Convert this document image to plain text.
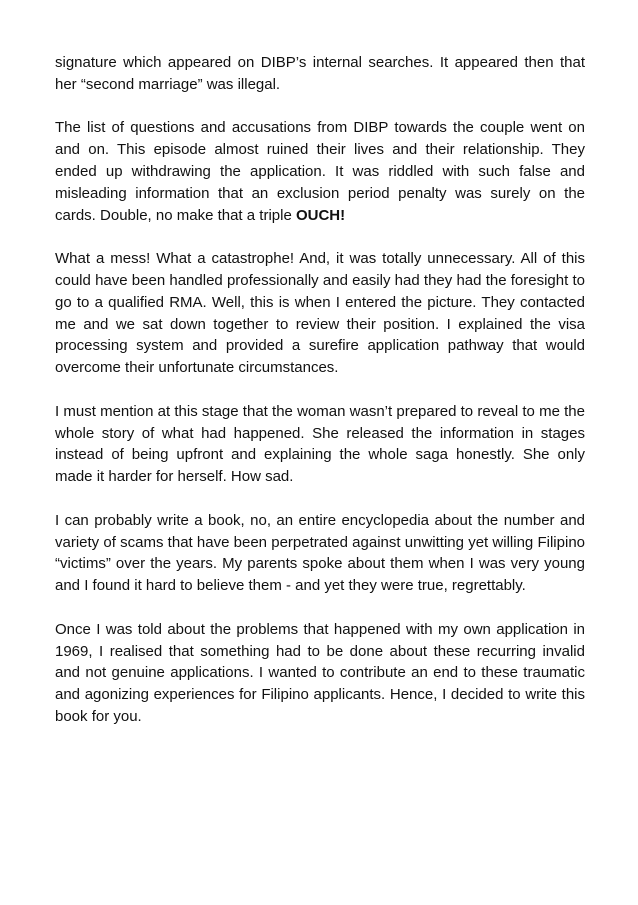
signature which appeared on DIBP’s internal searches. It appeared then that her “second marriage” was illegal.

The list of questions and accusations from DIBP towards the couple went on and on. This episode almost ruined their lives and their relationship. They ended up withdrawing the application. It was riddled with such false and misleading information that an exclusion period penalty was surely on the cards. Double, no make that a triple OUCH!

What a mess! What a catastrophe! And, it was totally unnecessary. All of this could have been handled professionally and easily had they had the foresight to go to a qualified RMA. Well, this is when I entered the picture. They contacted me and we sat down together to review their position. I explained the visa processing system and provided a surefire application pathway that would overcome their unfortunate circumstances.

I must mention at this stage that the woman wasn’t prepared to reveal to me the whole story of what had happened. She released the information in stages instead of being upfront and explaining the whole saga honestly. She only made it harder for herself. How sad.

I can probably write a book, no, an entire encyclopedia about the number and variety of scams that have been perpetrated against unwitting yet willing Filipino “victims” over the years. My parents spoke about them when I was very young and I found it hard to believe them - and yet they were true, regrettably.

Once I was told about the problems that happened with my own application in 1969, I realised that something had to be done about these recurring invalid and not genuine applications. I wanted to contribute an end to these traumatic and agonizing experiences for Filipino applicants. Hence, I decided to write this book for you.
